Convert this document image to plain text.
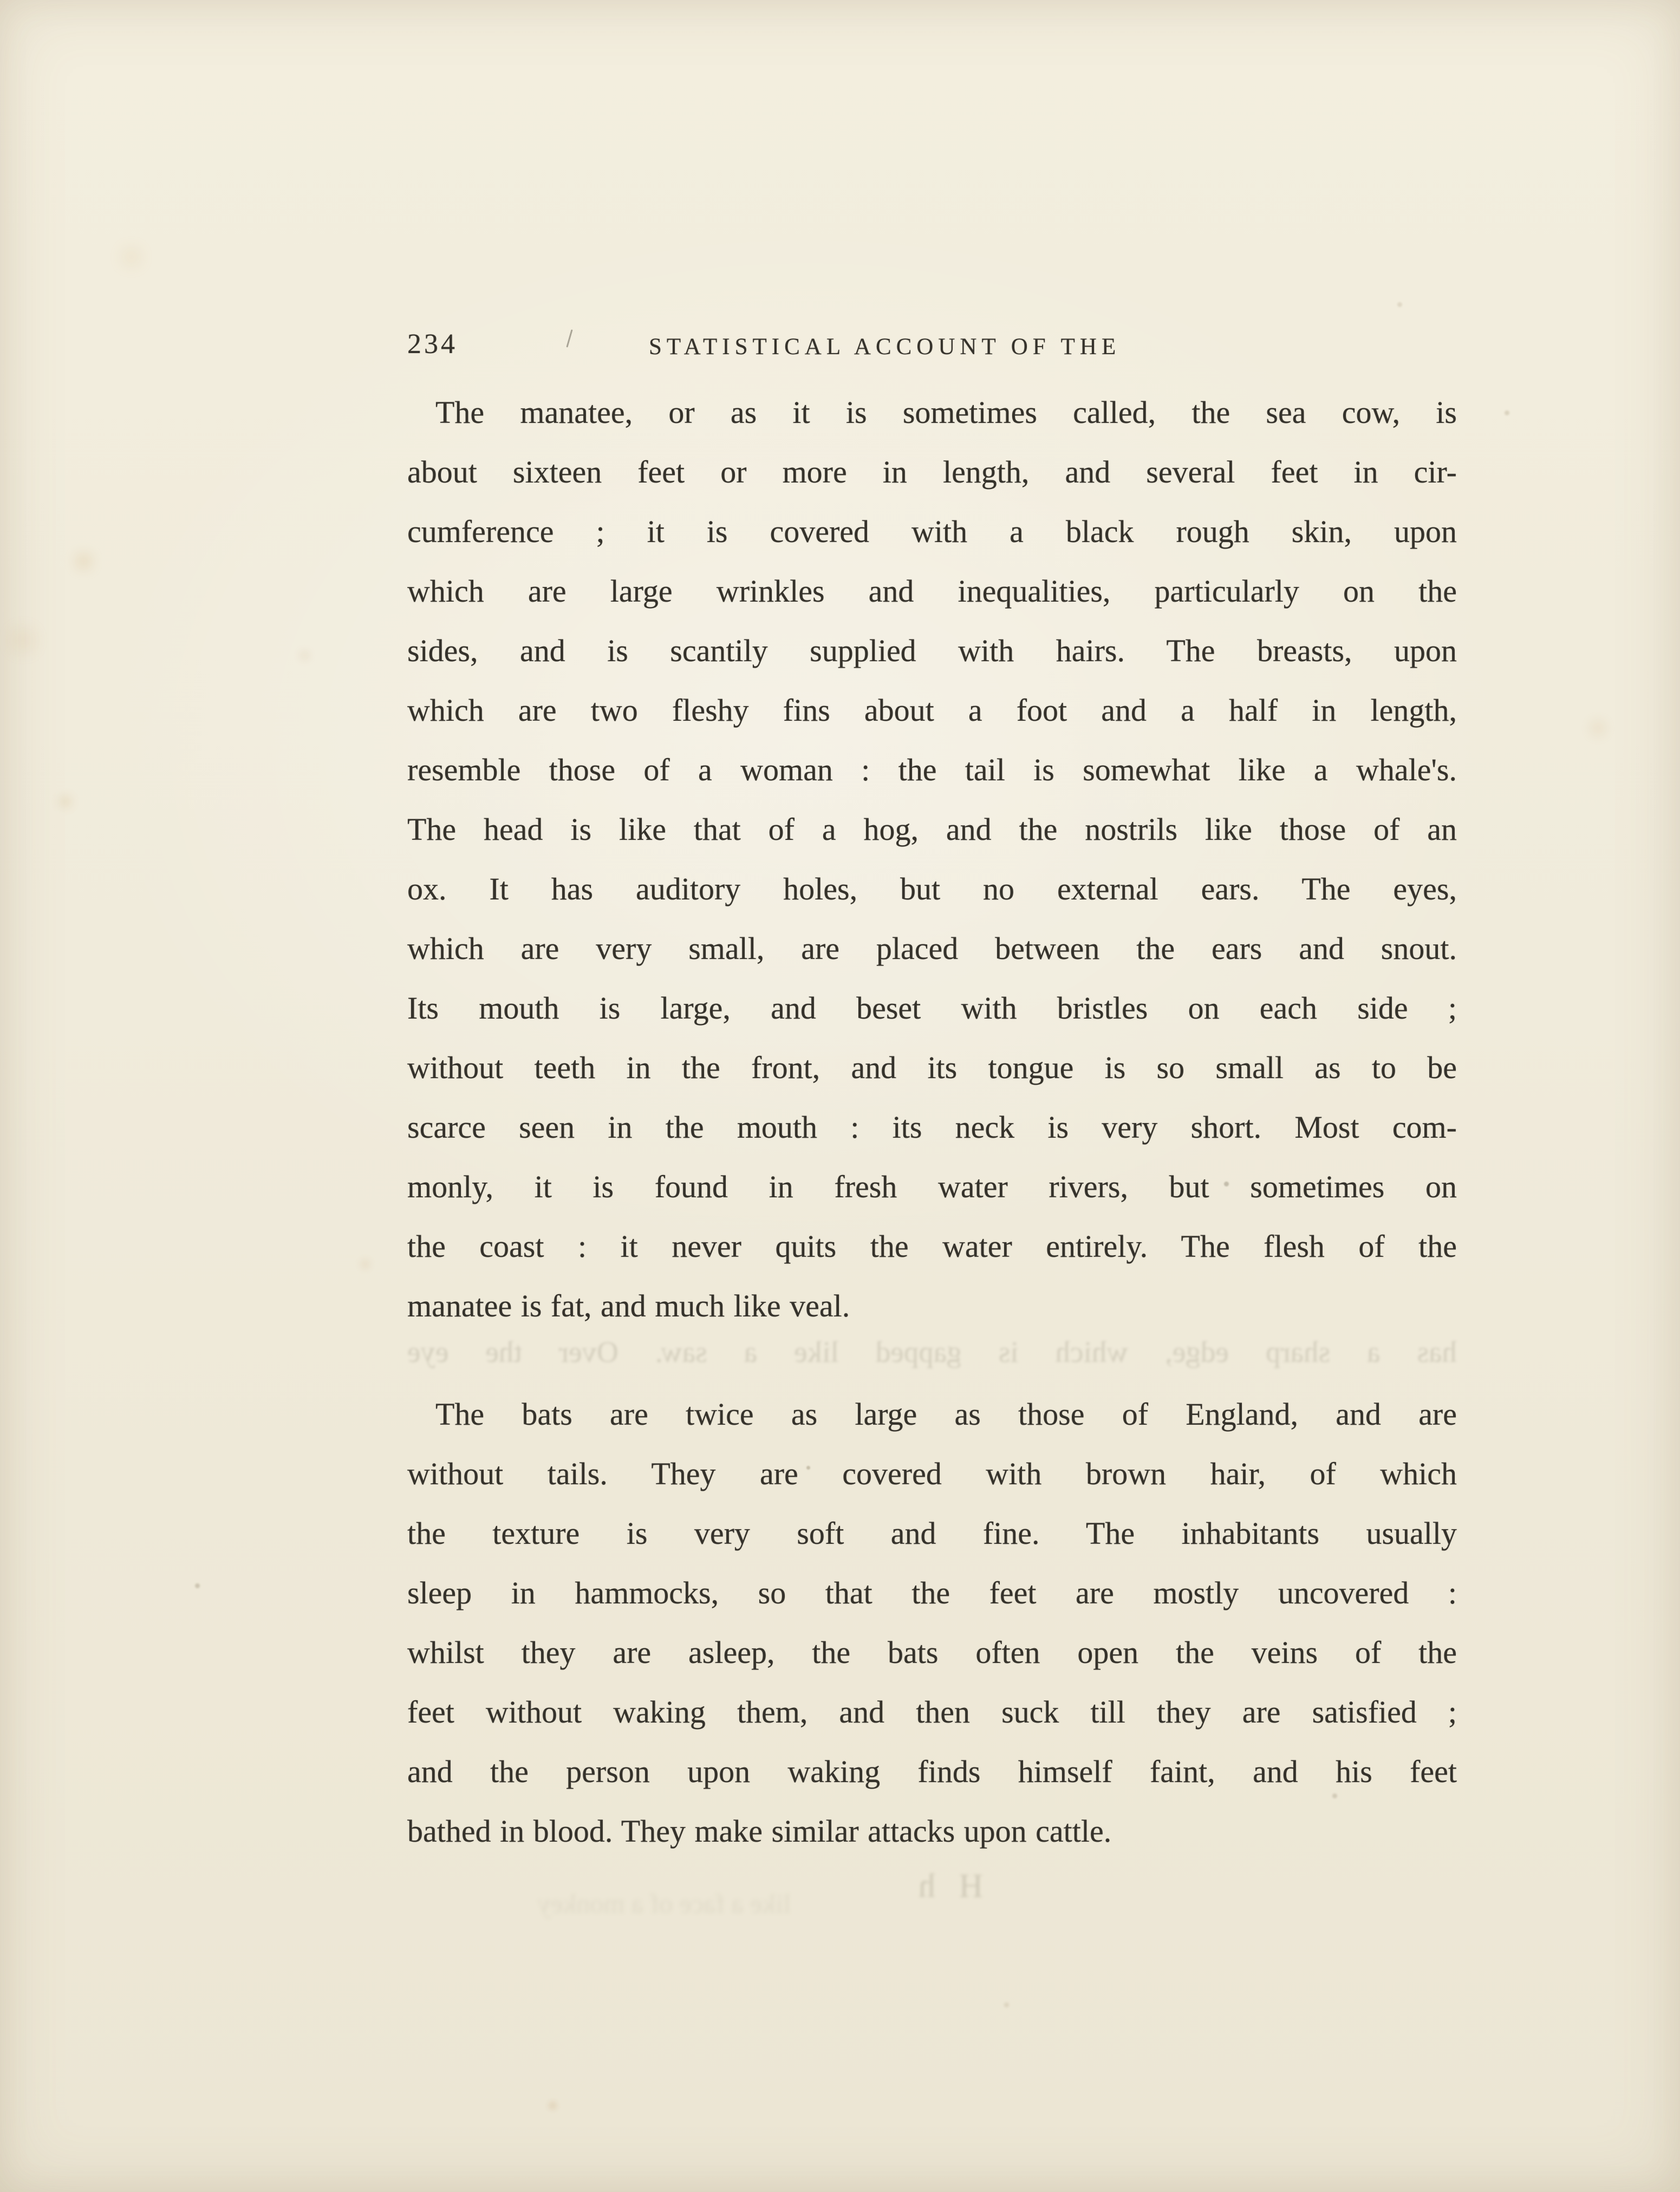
234	STATISTICAL ACCOUNT OF THE
The manatee, or as it is sometimes called, the sea cow, is
about sixteen feet or more in length, and several feet in cir-
cumference ; it is covered with a black rough skin, upon
which are large wrinkles and inequalities, particularly on the
sides, and is scantily supplied with hairs. The breasts, upon
which are two fleshy fins about a foot and a half in length,
resemble those of a woman : the tail is somewhat like a whale's.
The head is like that of a hog, and the nostrils like those of an
ox. It has auditory holes, but no external ears. The eyes,
which are very small, are placed between the ears and snout.
Its mouth is large, and beset with bristles on each side ;
without teeth in the front, and its tongue is so small as to be
scarce seen in the mouth : its neck is very short. Most com-
monly, it is found in fresh water rivers, but sometimes on
the coast : it never quits the water entirely. The flesh of the
manatee is fat, and much like veal.
has a sharp edge, which is gapped like a saw. Over the eye
The bats are twice as large as those of England, and are
without tails. They are covered with brown hair, of which
the texture is very soft and fine. The inhabitants usually
sleep in hammocks, so that the feet are mostly uncovered :
whilst they are asleep, the bats often open the veins of the
feet without waking them, and then suck till they are satisfied ;
and the person upon waking finds himself faint, and his feet
bathed in blood. They make similar attacks upon cattle.
H h
like a face of a monkey
